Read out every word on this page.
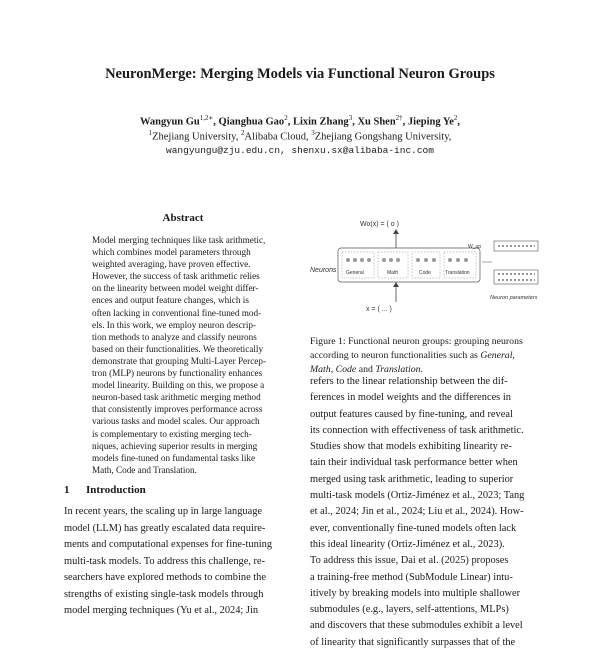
NeuronMerge: Merging Models via Functional Neuron Groups
Wangyun $Gu^{1,2∗}$, Qianghua Gao$^2$, Lixin Zhang$^3$, Xu Shen$^{2\dagger}$, Jieping Ye$^2$,
$^1$Zhejiang University, $^2$Alibaba Cloud, $^3$Zhejiang Gongshang University,
wangyungu@zju.edu.cn, shenxu.sx@alibaba-inc.com
Abstract
Model merging techniques like task arithmetic,
which combines model parameters through
weighted averaging, have proven effective.
However, the success of task arithmetic relies
on the linearity between model weight differ-
ences and output feature changes, which is
often lacking in conventional fine-tuned mod-
els. In this work, we employ neuron descrip-
tion methods to analyze and classify neurons
based on their functionalities. We theoretically
demonstrate that grouping Multi-Layer Percep-
tron (MLP) neurons by functionality enhances
model linearity. Building on this, we propose a
neuron-based task arithmetic merging method
that consistently improves performance across
various tasks and model scales. Our approach
is complementary to existing merging tech-
niques, achieving superior results in merging
models fine-tuned on fundamental tasks like
Math, Code and Translation.
1 Introduction
In recent years, the scaling up in large language
model (LLM) has greatly escalated data require-
ments and computational expenses for fine-tuning
multi-task models. To address this challenge, re-
searchers have explored methods to combine the
strengths of existing single-task models through
model merging techniques (Yu et al., 2024; Jin
Wo(x) = ( o )
Neurons General	Math	Code	Translation
x = ( ... )
W_up
Neuron parameters
Figure 1: Functional neuron groups: grouping neurons
according to neuron functionalities such as General,
Math, Code and Translation.
refers to the linear relationship between the dif-
ferences in model weights and the differences in
output features caused by fine-tuning, and reveal
its connection with effectiveness of task arithmetic.
Studies show that models exhibiting linearity re-
tain their individual task performance better when
merged using task arithmetic, leading to superior
multi-task models (Ortiz-Jiménez et al., 2023; Tang
et al., 2024; Jin et al., 2024; Liu et al., 2024). How-
ever, conventionally fine-tuned models often lack
this ideal linearity (Ortiz-Jiménez et al., 2023).
To address this issue, Dai et al. (2025) proposes
a training-free method (SubModule Linear) intu-
itively by breaking models into multiple shallower
submodules (e.g., layers, self-attentions, MLPs)
and discovers that these submodules exhibit a level
of linearity that significantly surpasses that of the
